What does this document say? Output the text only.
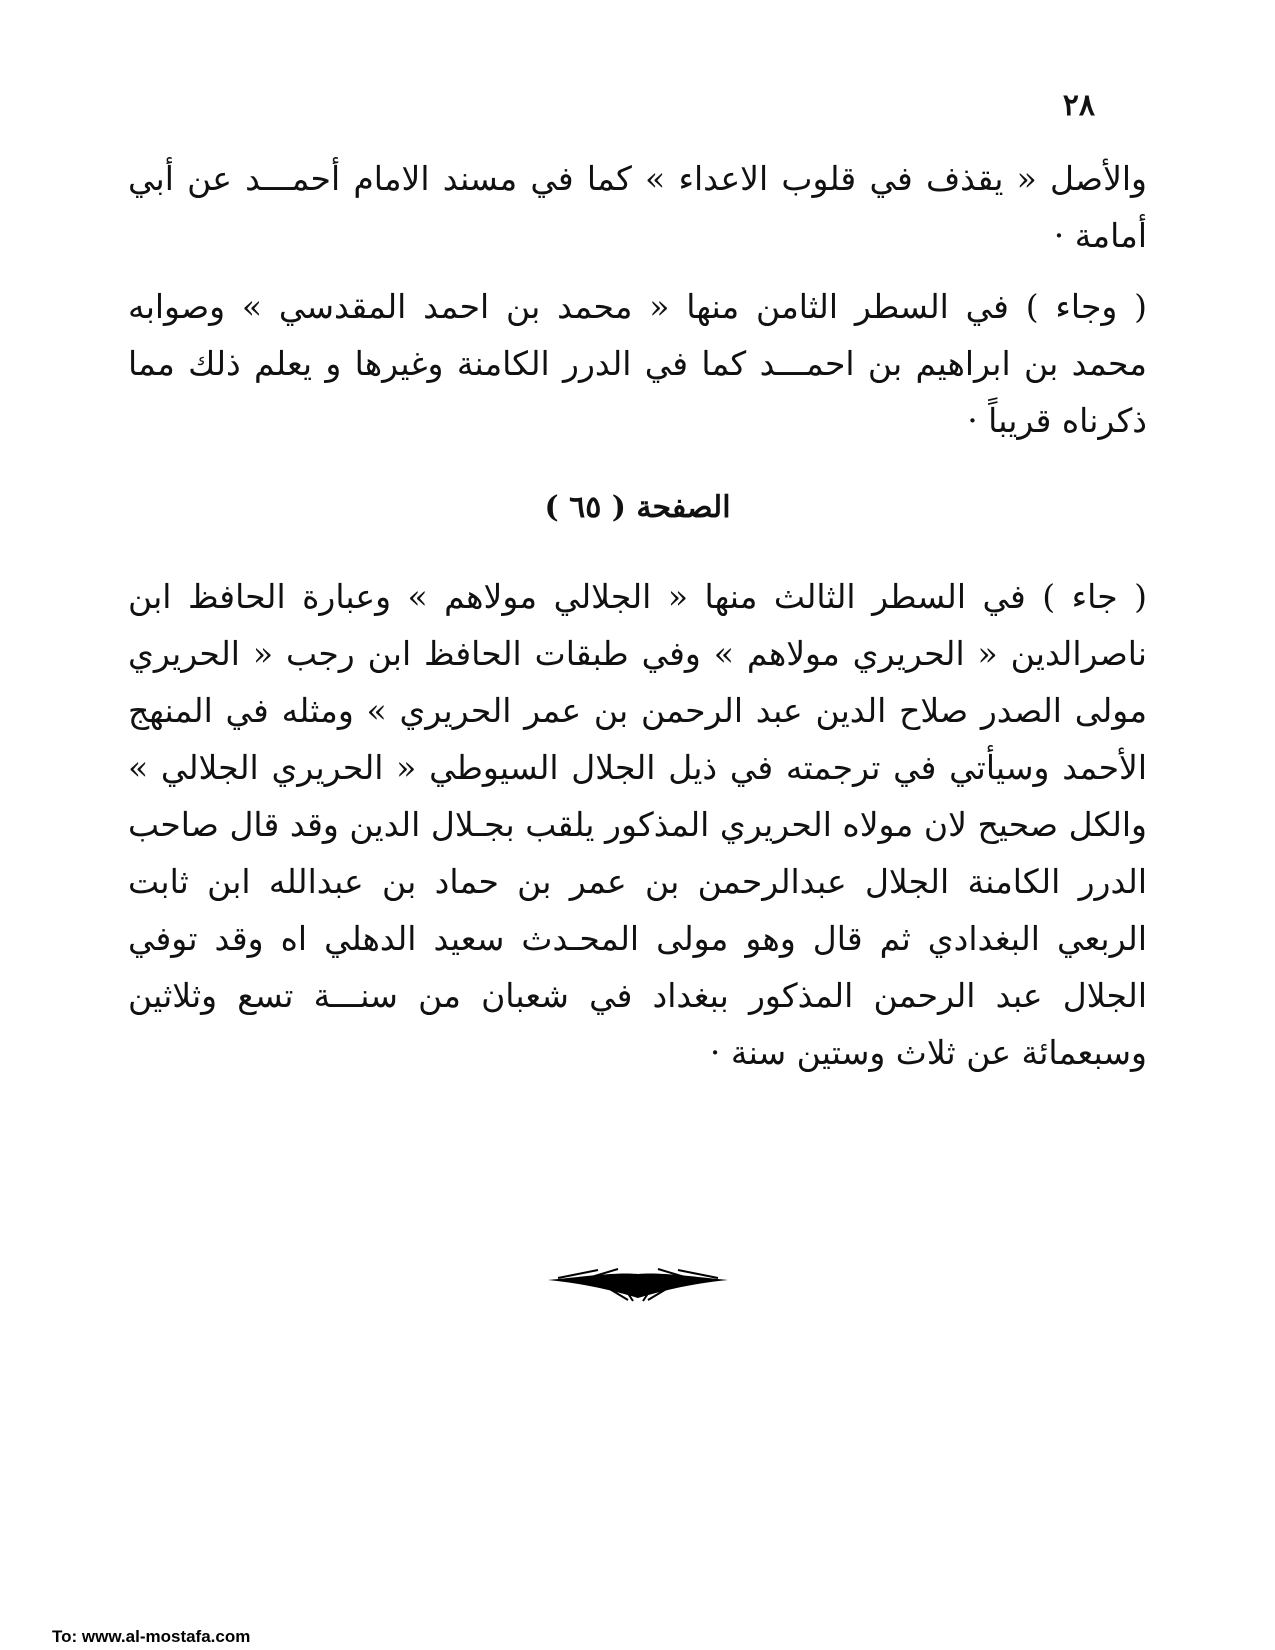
٢٨

والأصل « يقذف في قلوب الاعداء » كما في مسند الامام أحمـــد عن أبي أمامة ·

( وجاء ) في السطر الثامن منها « محمد بن احمد المقدسي » وصوابه محمد بن ابراهيم بن احمـــد كما في الدرر الكامنة وغيرها و يعلم ذلك مما ذكرناه قريباً ·

الصفحة ( ٦٥ )

( جاء ) في السطر الثالث منها « الجلالي مولاهم » وعبارة الحافظ ابن ناصرالدين « الحريري مولاهم » وفي طبقات الحافظ ابن رجب « الحريري مولى الصدر صلاح الدين عبد الرحمن بن عمر الحريري » ومثله في المنهج الأحمد وسيأتي في ترجمته في ذيل الجلال السيوطي « الحريري الجلالي » والكل صحيح لان مولاه الحريري المذكور يلقب بجـلال الدين وقد قال صاحب الدرر الكامنة الجلال عبدالرحمن بن عمر بن حماد بن عبدالله ابن ثابت الربعي البغدادي ثم قال وهو مولى المحـدث سعيد الدهلي اه وقد توفي الجلال عبد الرحمن المذكور ببغداد في شعبان من سنـــة تسع وثلاثين وسبعمائة عن ثلاث وستين سنة ·

To: www.al-mostafa.com
